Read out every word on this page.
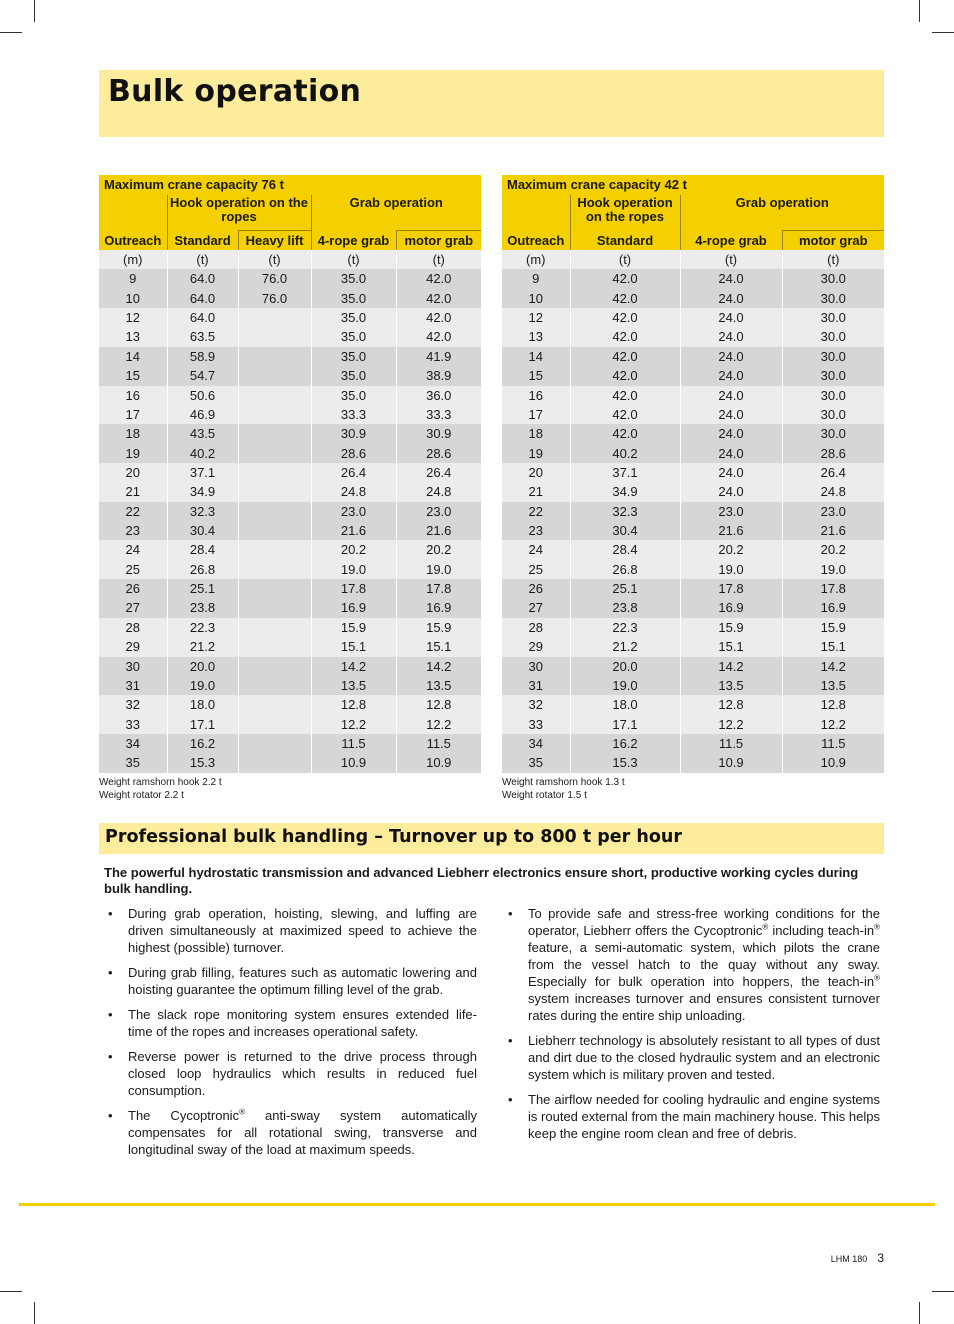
Bulk operation
Maximum crane capacity 76 t				
	Hook operation on the ropes		Grab operation	
Outreach	Standard	Heavy lift	4-rope grab	motor grab
(m)	(t)	(t)	(t)	(t)
9	64.0	76.0	35.0	42.0
10	64.0	76.0	35.0	42.0
12	64.0		35.0	42.0
13	63.5		35.0	42.0
14	58.9		35.0	41.9
15	54.7		35.0	38.9
16	50.6		35.0	36.0
17	46.9		33.3	33.3
18	43.5		30.9	30.9
19	40.2		28.6	28.6
20	37.1		26.4	26.4
21	34.9		24.8	24.8
22	32.3		23.0	23.0
23	30.4		21.6	21.6
24	28.4		20.2	20.2
25	26.8		19.0	19.0
26	25.1		17.8	17.8
27	23.8		16.9	16.9
28	22.3		15.9	15.9
29	21.2		15.1	15.1
30	20.0		14.2	14.2
31	19.0		13.5	13.5
32	18.0		12.8	12.8
33	17.1		12.2	12.2
34	16.2		11.5	11.5
35	15.3		10.9	10.9
Maximum crane capacity 42 t			
	Hook operation on the ropes	Grab operation	
Outreach	Standard	4-rope grab	motor grab
(m)	(t)	(t)	(t)
9	42.0	24.0	30.0
10	42.0	24.0	30.0
12	42.0	24.0	30.0
13	42.0	24.0	30.0
14	42.0	24.0	30.0
15	42.0	24.0	30.0
16	42.0	24.0	30.0
17	42.0	24.0	30.0
18	42.0	24.0	30.0
19	40.2	24.0	28.6
20	37.1	24.0	26.4
21	34.9	24.0	24.8
22	32.3	23.0	23.0
23	30.4	21.6	21.6
24	28.4	20.2	20.2
25	26.8	19.0	19.0
26	25.1	17.8	17.8
27	23.8	16.9	16.9
28	22.3	15.9	15.9
29	21.2	15.1	15.1
30	20.0	14.2	14.2
31	19.0	13.5	13.5
32	18.0	12.8	12.8
33	17.1	12.2	12.2
34	16.2	11.5	11.5
35	15.3	10.9	10.9
Weight ramshorn hook 2.2 t
Weight rotator 2.2 t
Weight ramshorn hook 1.3 t
Weight rotator 1.5 t
Professional bulk handling – Turnover up to 800 t per hour
The powerful hydrostatic transmission and advanced Liebherr electronics ensure short, productive working cycles during bulk handling.
• During grab operation, hoisting, slewing, and luffing are driven simultaneously at maximized speed to achieve the highest (possible) turnover.
• During grab filling, features such as automatic lowering and hoisting guarantee the optimum filling level of the grab.
• The slack rope monitoring system ensures extended life-time of the ropes and increases operational safety.
• Reverse power is returned to the drive process through closed loop hydraulics which results in reduced fuel consumption.
• The Cycoptronic® anti-sway system automatically compensates for all rotational swing, transverse and longitudinal sway of the load at maximum speeds.
• To provide safe and stress-free working conditions for the operator, Liebherr offers the Cycoptronic® including teach-in® feature, a semi-automatic system, which pilots the crane from the vessel hatch to the quay without any sway. Especially for bulk operation into hoppers, the teach-in® system increases turnover and ensures consistent turnover rates during the entire ship unloading.
• Liebherr technology is absolutely resistant to all types of dust and dirt due to the closed hydraulic system and an electronic system which is military proven and tested.
• The airflow needed for cooling hydraulic and engine systems is routed external from the main machinery house. This helps keep the engine room clean and free of debris.
LHM 180 3
